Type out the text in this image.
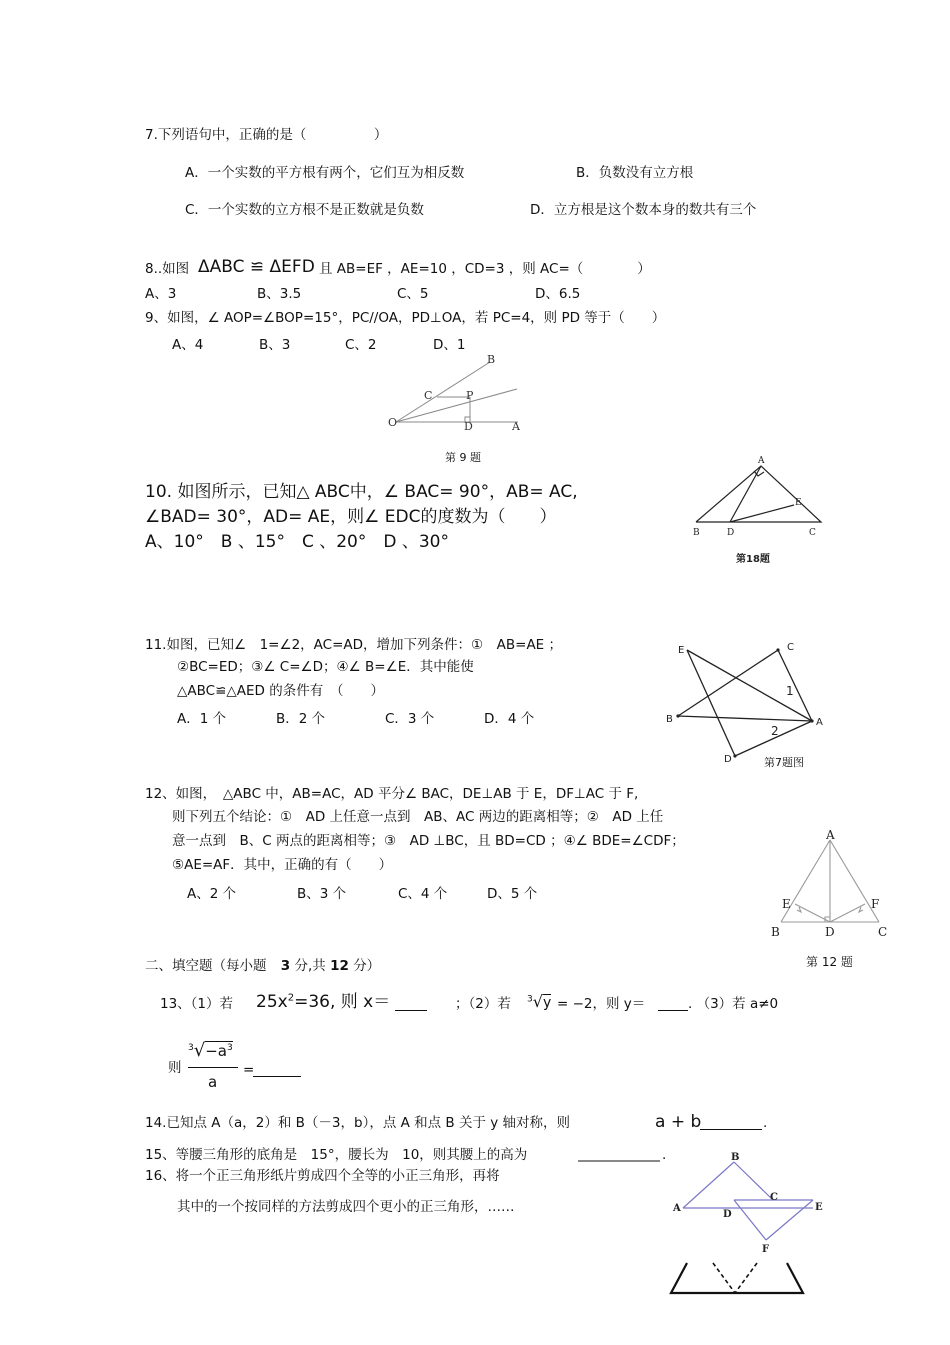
7.下列语句中，正确的是（　　　　　）
A．一个实数的平方根有两个，它们互为相反数	B．负数没有立方根
C．一个实数的立方根不是正数就是负数	D．立方根是这个数本身的数共有三个
8..如图 ΔABC ≌ ΔEFD 且 AB=EF ，AE=10 ，CD=3 ，则 AC=（　　　　）
A、3	B、3.5	C、5	D、6.5
9、如图，∠ AOP=∠BOP=15°，PC//OA，PD⊥OA，若 PC=4，则 PD 等于（　　）
A、4	B、3	C、2	D、1
B
C	P
O	D	A
第 9 题
10. 如图所示，已知△ ABC中，∠ BAC= 90°，AB= AC,
∠BAD= 30°，AD= AE，则∠ EDC的度数为（　　）
A、10°　B 、15°　C 、20°　D 、30°
A
B	D	C
E
第18题
11.如图，已知∠　1=∠2，AC=AD，增加下列条件：①　AB=AE ；
②BC=ED；③∠ C=∠D；④∠ B=∠E．其中能使
△ABC≌△AED 的条件有　（　　）
A．1 个	B．2 个	C．3 个	D．4 个
E	C
B	A
D
1
2
第7题图
12、如图，　△ABC 中，AB=AC，AD 平分∠ BAC，DE⊥AB 于 E，DF⊥AC 于 F,
则下列五个结论：①　AD 上任意一点到　AB、AC 两边的距离相等；②　AD 上任
意一点到　B、C 两点的距离相等；③　AD ⊥BC，且 BD=CD ；④∠ BDE=∠CDF；
⑤AE=AF．其中，正确的有（　　）
A、2 个	B、3 个	C、4 个	D、5 个
A
E	F
B	D	C
第 12 题
二、填空题（每小题 3 分,共 12 分）
13、（1）若 $25x^2=36$, 则 x＝	；（2）若 $^3$√y = −2，则 y＝	. （3）若 a≠0
则
$^3√-a^3$
a
=
14.已知点 A（a，2）和 B（－3，b），点 A 和点 B 关于 y 轴对称，则	a + b	.
15、等腰三角形的底角是　15°，腰长为　10，则其腰上的高为	.
16、将一个正三角形纸片剪成四个全等的小正三角形，再将
其中的一个按同样的方法剪成四个更小的正三角形，……
B
A
C
E
D
F
